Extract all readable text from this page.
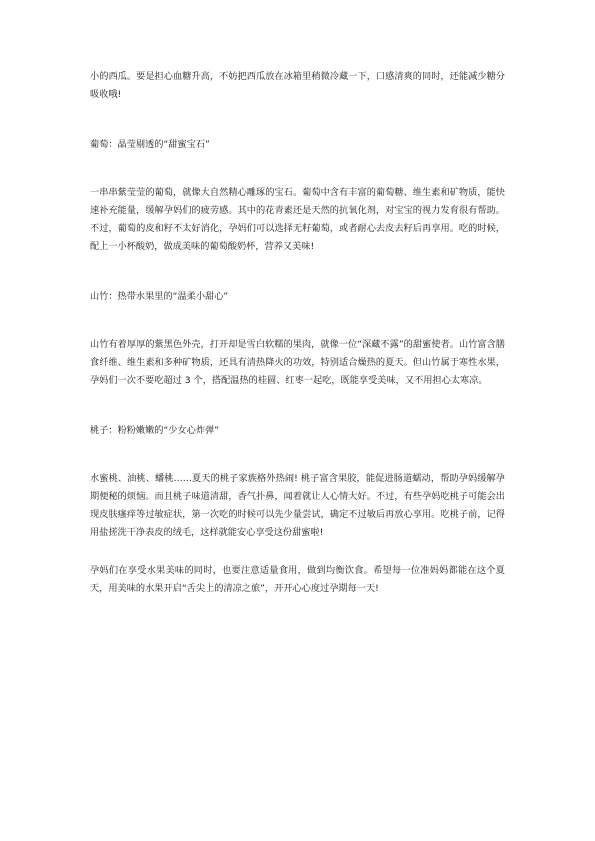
小的西瓜。要是担心血糖升高，不妨把西瓜放在冰箱里稍微冷藏一下，口感清爽的同时，还能减少糖分吸收哦!

葡萄：晶莹剔透的“甜蜜宝石”

一串串紫莹莹的葡萄，就像大自然精心雕琢的宝石。葡萄中含有丰富的葡萄糖、维生素和矿物质，能快速补充能量，缓解孕妈们的疲劳感。其中的花青素还是天然的抗氧化剂，对宝宝的视力发育很有帮助。不过，葡萄的皮和籽不太好消化，孕妈们可以选择无籽葡萄，或者耐心去皮去籽后再享用。吃的时候，配上一小杯酸奶，做成美味的葡萄酸奶杯，营养又美味!

山竹：热带水果里的“温柔小甜心”

山竹有着厚厚的紫黑色外壳，打开却是雪白软糯的果肉，就像一位“深藏不露”的甜蜜使者。山竹富含膳食纤维、维生素和多种矿物质，还具有清热降火的功效，特别适合燥热的夏天。但山竹属于寒性水果，孕妈们一次不要吃超过 3 个，搭配温热的桂圆、红枣一起吃，既能享受美味，又不用担心太寒凉。

桃子：粉粉嫩嫩的“少女心炸弹”

水蜜桃、油桃、蟠桃……夏天的桃子家族格外热闹! 桃子富含果胶，能促进肠道蠕动，帮助孕妈缓解孕期便秘的烦恼。而且桃子味道清甜，香气扑鼻，闻着就让人心情大好。不过，有些孕妈吃桃子可能会出现皮肤瘙痒等过敏症状，第一次吃的时候可以先少量尝试，确定不过敏后再放心享用。吃桃子前，记得用盐搓洗干净表皮的绒毛，这样就能安心享受这份甜蜜啦!

孕妈们在享受水果美味的同时，也要注意适量食用，做到均衡饮食。希望每一位准妈妈都能在这个夏天，用美味的水果开启“舌尖上的清凉之旅”，开开心心度过孕期每一天!
